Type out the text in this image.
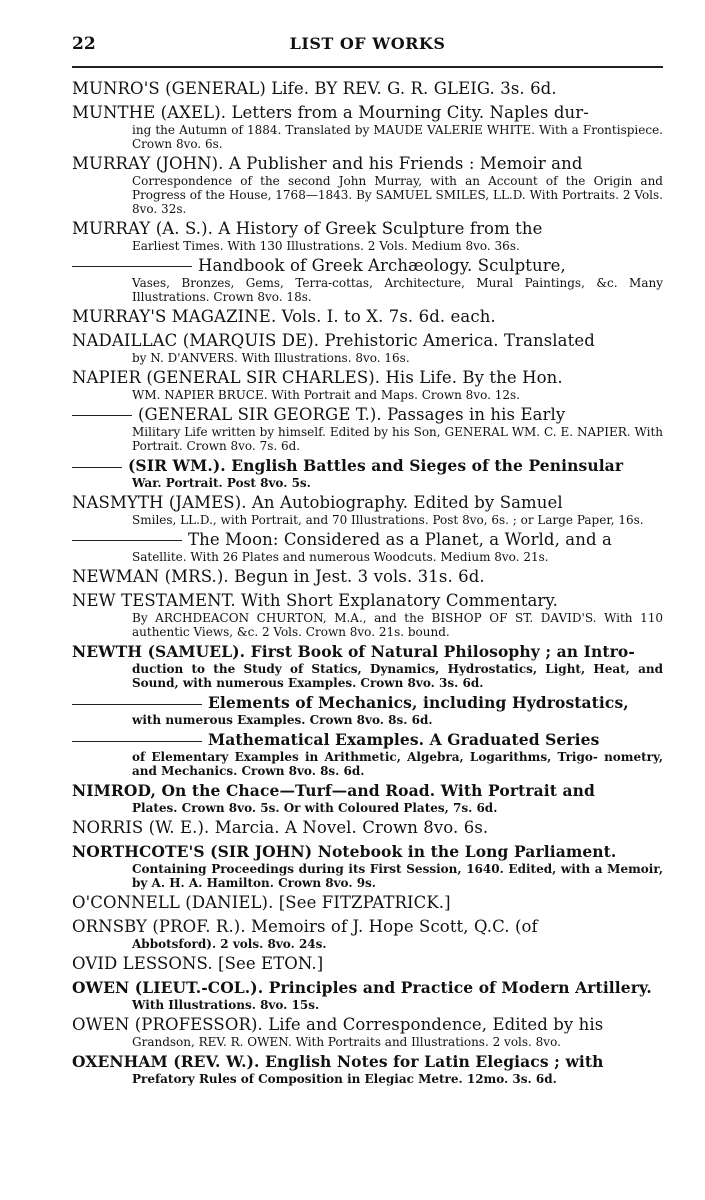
22	LIST OF WORKS
MUNRO'S (GENERAL) Life. BY REV. G. R. GLEIG. 3s. 6d.
MUNTHE (AXEL). Letters from a Mourning City. Naples dur-
ing the Autumn of 1884. Translated by MAUDE VALERIE WHITE. With a Frontispiece. Crown 8vo. 6s.
MURRAY (JOHN). A Publisher and his Friends : Memoir and
Correspondence of the second John Murray, with an Account of the Origin and Progress of the House, 1768—1843. By SAMUEL SMILES, LL.D. With Portraits. 2 Vols. 8vo. 32s.
MURRAY (A. S.). A History of Greek Sculpture from the
Earliest Times. With 130 Illustrations. 2 Vols. Medium 8vo. 36s.
Handbook of Greek Archæology. Sculpture,
Vases, Bronzes, Gems, Terra-cottas, Architecture, Mural Paintings, &c. Many Illustrations. Crown 8vo. 18s.
MURRAY'S MAGAZINE. Vols. I. to X. 7s. 6d. each.
NADAILLAC (MARQUIS DE). Prehistoric America. Translated
by N. D'ANVERS. With Illustrations. 8vo. 16s.
NAPIER (GENERAL SIR CHARLES). His Life. By the Hon.
WM. NAPIER BRUCE. With Portrait and Maps. Crown 8vo. 12s.
(GENERAL SIR GEORGE T.). Passages in his Early
Military Life written by himself. Edited by his Son, GENERAL WM. C. E. NAPIER. With Portrait. Crown 8vo. 7s. 6d.
(SIR WM.). English Battles and Sieges of the Peninsular
War. Portrait. Post 8vo. 5s.
NASMYTH (JAMES). An Autobiography. Edited by Samuel
Smiles, LL.D., with Portrait, and 70 Illustrations. Post 8vo, 6s. ; or Large Paper, 16s.
The Moon: Considered as a Planet, a World, and a
Satellite. With 26 Plates and numerous Woodcuts. Medium 8vo. 21s.
NEWMAN (MRS.). Begun in Jest. 3 vols. 31s. 6d.
NEW TESTAMENT. With Short Explanatory Commentary.
By ARCHDEACON CHURTON, M.A., and the BISHOP OF ST. DAVID'S. With 110 authentic Views, &c. 2 Vols. Crown 8vo. 21s. bound.
NEWTH (SAMUEL). First Book of Natural Philosophy ; an Intro-
duction to the Study of Statics, Dynamics, Hydrostatics, Light, Heat, and Sound, with numerous Examples. Crown 8vo. 3s. 6d.
Elements of Mechanics, including Hydrostatics,
with numerous Examples. Crown 8vo. 8s. 6d.
Mathematical Examples. A Graduated Series
of Elementary Examples in Arithmetic, Algebra, Logarithms, Trigo- nometry, and Mechanics. Crown 8vo. 8s. 6d.
NIMROD, On the Chace—Turf—and Road. With Portrait and
Plates. Crown 8vo. 5s. Or with Coloured Plates, 7s. 6d.
NORRIS (W. E.). Marcia. A Novel. Crown 8vo. 6s.
NORTHCOTE'S (SIR JOHN) Notebook in the Long Parliament.
Containing Proceedings during its First Session, 1640. Edited, with a Memoir, by A. H. A. Hamilton. Crown 8vo. 9s.
O'CONNELL (DANIEL). [See FITZPATRICK.]
ORNSBY (PROF. R.). Memoirs of J. Hope Scott, Q.C. (of
Abbotsford). 2 vols. 8vo. 24s.
OVID LESSONS. [See ETON.]
OWEN (LIEUT.-COL.). Principles and Practice of Modern Artillery.
With Illustrations. 8vo. 15s.
OWEN (PROFESSOR). Life and Correspondence, Edited by his
Grandson, REV. R. OWEN. With Portraits and Illustrations. 2 vols. 8vo.
OXENHAM (REV. W.). English Notes for Latin Elegiacs ; with
Prefatory Rules of Composition in Elegiac Metre. 12mo. 3s. 6d.
